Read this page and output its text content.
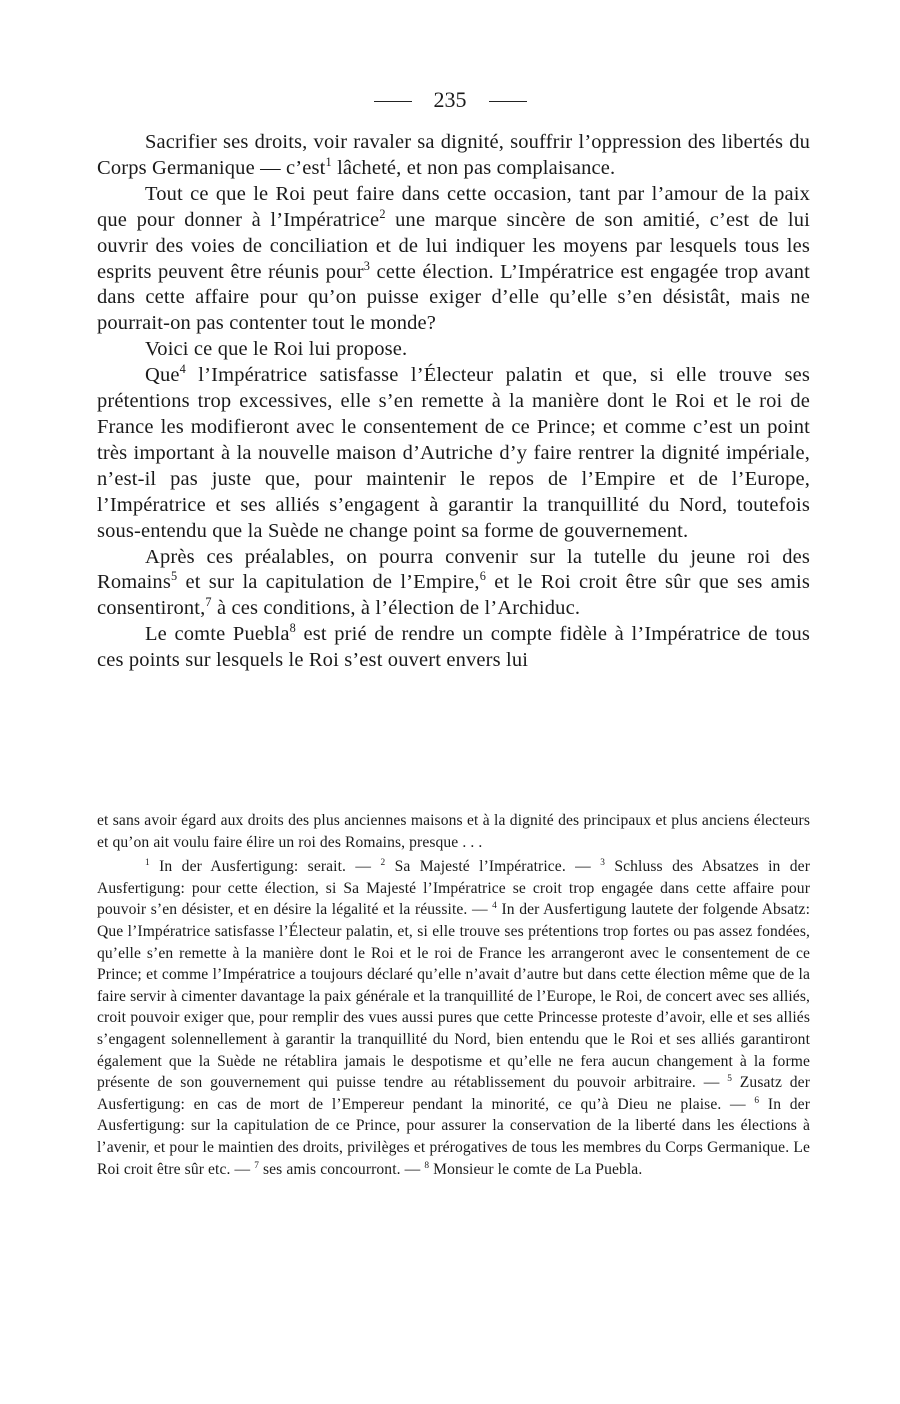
235

Sacrifier ses droits, voir ravaler sa dignité, souffrir l’oppression des libertés du Corps Germanique — c’est$^1$ lâcheté, et non pas complaisance.

Tout ce que le Roi peut faire dans cette occasion, tant par l’amour de la paix que pour donner à l’Impératrice$^2$ une marque sincère de son amitié, c’est de lui ouvrir des voies de conciliation et de lui indiquer les moyens par lesquels tous les esprits peuvent être réunis pour$^3$ cette élection. L’Impératrice est engagée trop avant dans cette affaire pour qu’on puisse exiger d’elle qu’elle s’en désistât, mais ne pourrait-on pas contenter tout le monde?

Voici ce que le Roi lui propose.

Que$^4$ l’Impératrice satisfasse l’Électeur palatin et que, si elle trouve ses prétentions trop excessives, elle s’en remette à la manière dont le Roi et le roi de France les modifieront avec le consentement de ce Prince; et comme c’est un point très important à la nouvelle maison d’Autriche d’y faire rentrer la dignité impériale, n’est-il pas juste que, pour maintenir le repos de l’Empire et de l’Europe, l’Impératrice et ses alliés s’engagent à garantir la tranquillité du Nord, toutefois sous-entendu que la Suède ne change point sa forme de gouvernement.

Après ces préalables, on pourra convenir sur la tutelle du jeune roi des Romains$^5$ et sur la capitulation de l’Empire,$^6$ et le Roi croit être sûr que ses amis consentiront,$^7$ à ces conditions, à l’élection de l’Archiduc.

Le comte Puebla$^8$ est prié de rendre un compte fidèle à l’Impératrice de tous ces points sur lesquels le Roi s’est ouvert envers lui

et sans avoir égard aux droits des plus anciennes maisons et à la dignité des principaux et plus anciens électeurs et qu’on ait voulu faire élire un roi des Romains, presque . . .

$^1$ In der Ausfertigung: serait. — $^2$ Sa Majesté l’Impératrice. — $^3$ Schluss des Absatzes in der Ausfertigung: pour cette élection, si Sa Majesté l’Impératrice se croit trop engagée dans cette affaire pour pouvoir s’en désister, et en désire la légalité et la réussite. — $^4$ In der Ausfertigung lautete der folgende Absatz: Que l’Impératrice satisfasse l’Électeur palatin, et, si elle trouve ses prétentions trop fortes ou pas assez fondées, qu’elle s’en remette à la manière dont le Roi et le roi de France les arrangeront avec le consentement de ce Prince; et comme l’Impératrice a toujours déclaré qu’elle n’avait d’autre but dans cette élection même que de la faire servir à cimenter davantage la paix générale et la tranquillité de l’Europe, le Roi, de concert avec ses alliés, croit pouvoir exiger que, pour remplir des vues aussi pures que cette Princesse proteste d’avoir, elle et ses alliés s’engagent solennellement à garantir la tranquillité du Nord, bien entendu que le Roi et ses alliés garantiront également que la Suède ne rétablira jamais le despotisme et qu’elle ne fera aucun changement à la forme présente de son gouvernement qui puisse tendre au rétablissement du pouvoir arbitraire. — $^5$ Zusatz der Ausfertigung: en cas de mort de l’Empereur pendant la minorité, ce qu’à Dieu ne plaise. — $^6$ In der Ausfertigung: sur la capitulation de ce Prince, pour assurer la conservation de la liberté dans les élections à l’avenir, et pour le maintien des droits, privilèges et prérogatives de tous les membres du Corps Germanique. Le Roi croit être sûr etc. — $^7$ ses amis concourront. — $^8$ Monsieur le comte de La Puebla.
